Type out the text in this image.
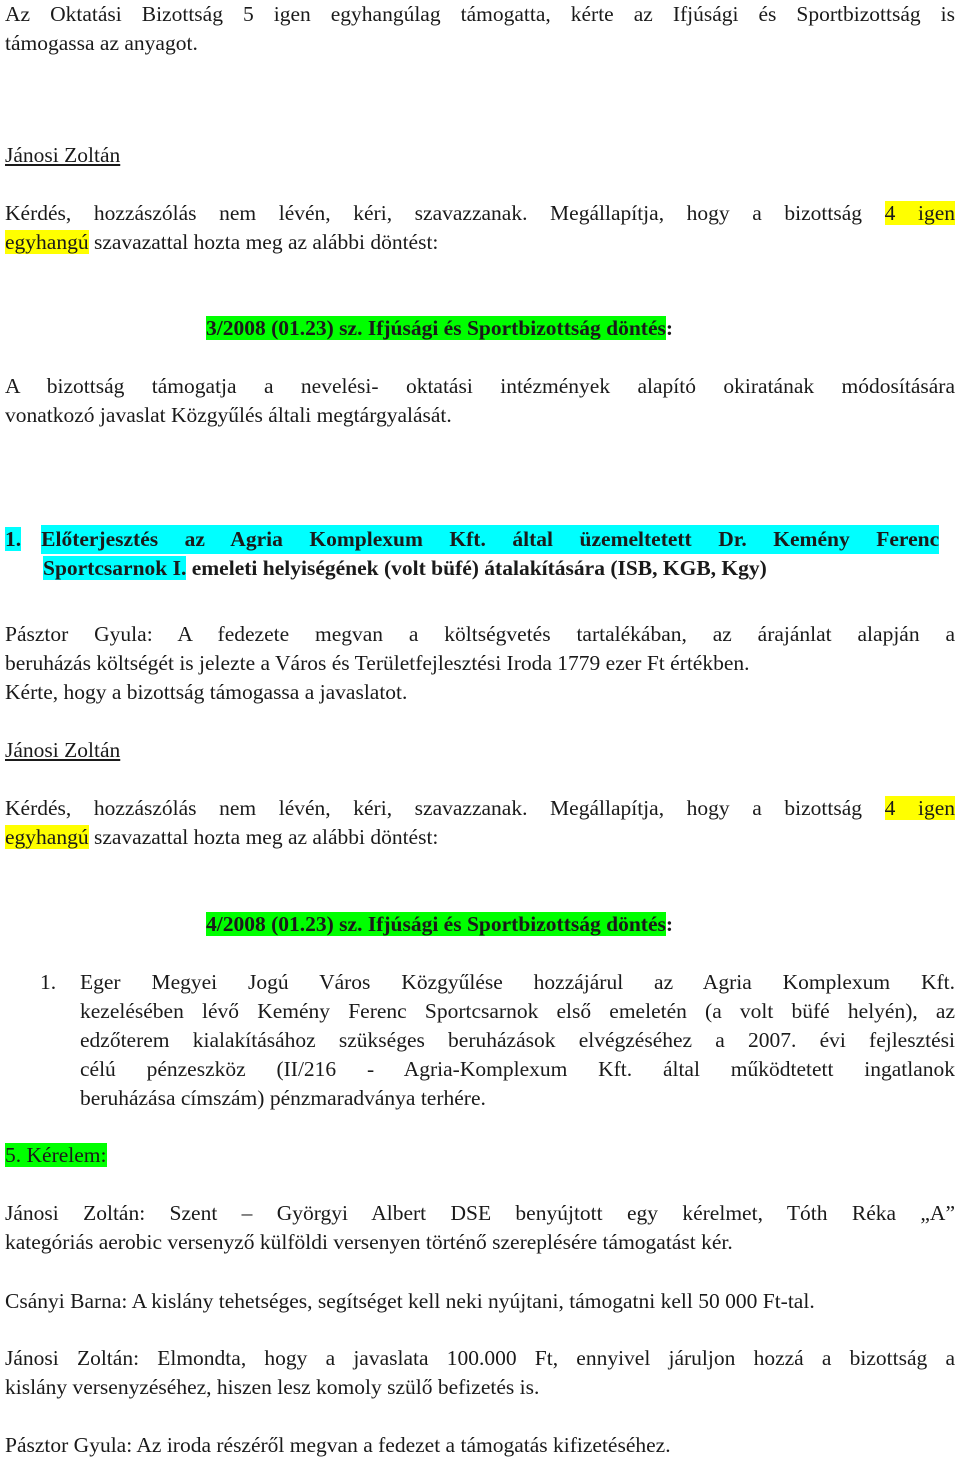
Az Oktatási Bizottság 5 igen egyhangúlag támogatta, kérte az Ifjúsági és Sportbizottság is
támogassa az anyagot.

Jánosi Zoltán

Kérdés, hozzászólás nem lévén, kéri, szavazzanak. Megállapítja, hogy a bizottság 4 igen
egyhangú szavazattal hozta meg az alábbi döntést:

3/2008 (01.23) sz. Ifjúsági és Sportbizottság döntés:

A bizottság támogatja a nevelési- oktatási intézmények alapító okiratának módosítására
vonatkozó javaslat Közgyűlés általi megtárgyalását.

1. Előterjesztés az Agria Komplexum Kft. által üzemeltetett Dr. Kemény Ferenc
Sportcsarnok I. emeleti helyiségének (volt büfé) átalakítására (ISB, KGB, Kgy)

Pásztor Gyula: A fedezete megvan a költségvetés tartalékában, az árajánlat alapján a
beruházás költségét is jelezte a Város és Területfejlesztési Iroda 1779 ezer Ft értékben.
Kérte, hogy a bizottság támogassa a javaslatot.

Jánosi Zoltán

Kérdés, hozzászólás nem lévén, kéri, szavazzanak. Megállapítja, hogy a bizottság 4 igen
egyhangú szavazattal hozta meg az alábbi döntést:

4/2008 (01.23) sz. Ifjúsági és Sportbizottság döntés:

1. Eger Megyei Jogú Város Közgyűlése hozzájárul az Agria Komplexum Kft.
kezelésében lévő Kemény Ferenc Sportcsarnok első emeletén (a volt büfé helyén), az
edzőterem kialakításához szükséges beruházások elvégzéséhez a 2007. évi fejlesztési
célú pénzeszköz (II/216 - Agria-Komplexum Kft. által működtetett ingatlanok
beruházása címszám) pénzmaradványa terhére.

5. Kérelem:

Jánosi Zoltán: Szent – Györgyi Albert DSE benyújtott egy kérelmet, Tóth Réka „A”
kategóriás aerobic versenyző külföldi versenyen történő szereplésére támogatást kér.

Csányi Barna: A kislány tehetséges, segítséget kell neki nyújtani, támogatni kell 50 000 Ft-tal.

Jánosi Zoltán: Elmondta, hogy a javaslata 100.000 Ft, ennyivel járuljon hozzá a bizottság a
kislány versenyzéséhez, hiszen lesz komoly szülő befizetés is.

Pásztor Gyula: Az iroda részéről megvan a fedezet a támogatás kifizetéséhez.
